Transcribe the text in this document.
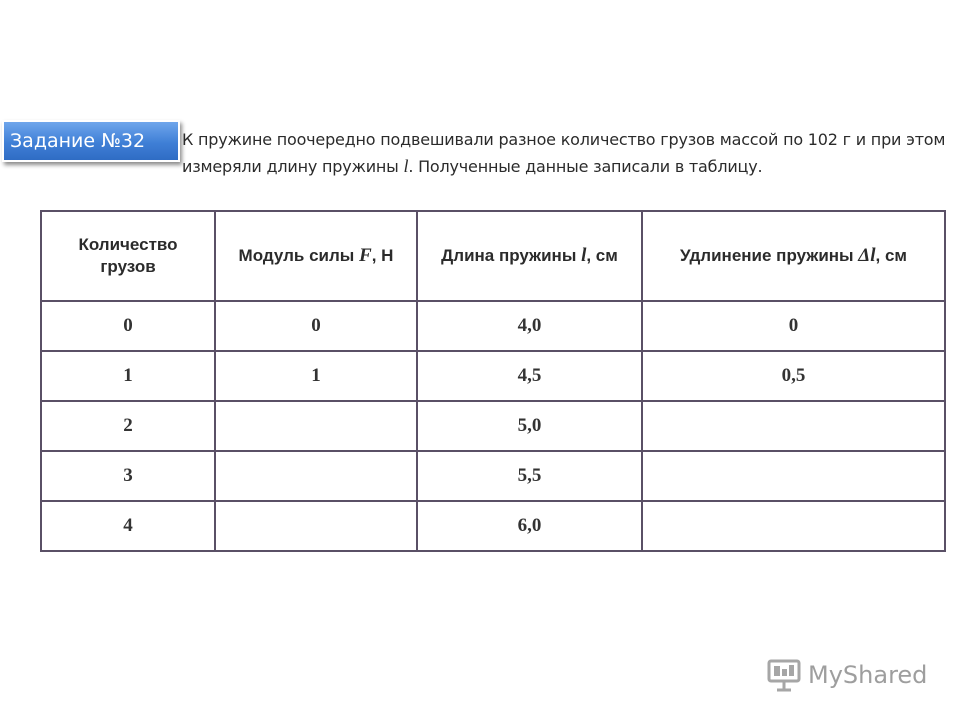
Задание №32	К пружине поочередно подвешивали разное количество грузов массой по 102 г и при этом измеряли длину пружины l. Полученные данные записали в таблицу.
Количество грузов	Модуль силы F, Н	Длина пружины l, см	Удлинение пружины Δl, см
0	0	4,0	0
1	1	4,5	0,5
2		5,0	
3		5,5	
4		6,0	
MyShared
